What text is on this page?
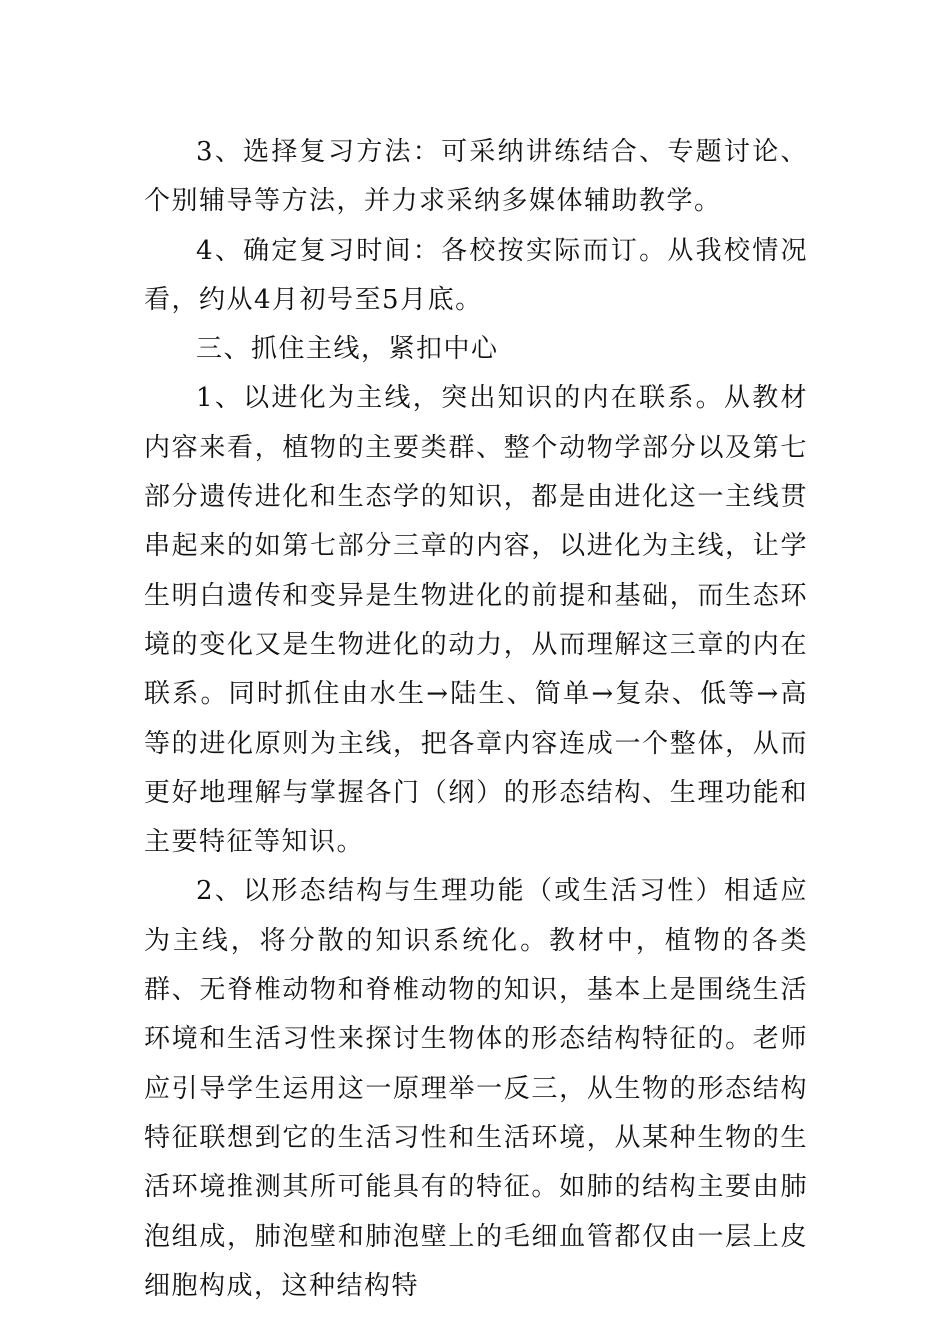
3、选择复习方法：可采纳讲练结合、专题讨论、个别辅导等方法，并力求采纳多媒体辅助教学。

4、确定复习时间：各校按实际而订。从我校情况看，约从4月初号至5月底。

三、抓住主线，紧扣中心

1、以进化为主线，突出知识的内在联系。从教材内容来看，植物的主要类群、整个动物学部分以及第七部分遗传进化和生态学的知识，都是由进化这一主线贯串起来的如第七部分三章的内容，以进化为主线，让学生明白遗传和变异是生物进化的前提和基础，而生态环境的变化又是生物进化的动力，从而理解这三章的内在联系。同时抓住由水生→陆生、简单→复杂、低等→高等的进化原则为主线，把各章内容连成一个整体，从而更好地理解与掌握各门（纲）的形态结构、生理功能和主要特征等知识。

2、以形态结构与生理功能（或生活习性）相适应为主线，将分散的知识系统化。教材中，植物的各类群、无脊椎动物和脊椎动物的知识，基本上是围绕生活环境和生活习性来探讨生物体的形态结构特征的。老师应引导学生运用这一原理举一反三，从生物的形态结构特征联想到它的生活习性和生活环境，从某种生物的生活环境推测其所可能具有的特征。如肺的结构主要由肺泡组成，肺泡壁和肺泡壁上的毛细血管都仅由一层上皮细胞构成，这种结构特
